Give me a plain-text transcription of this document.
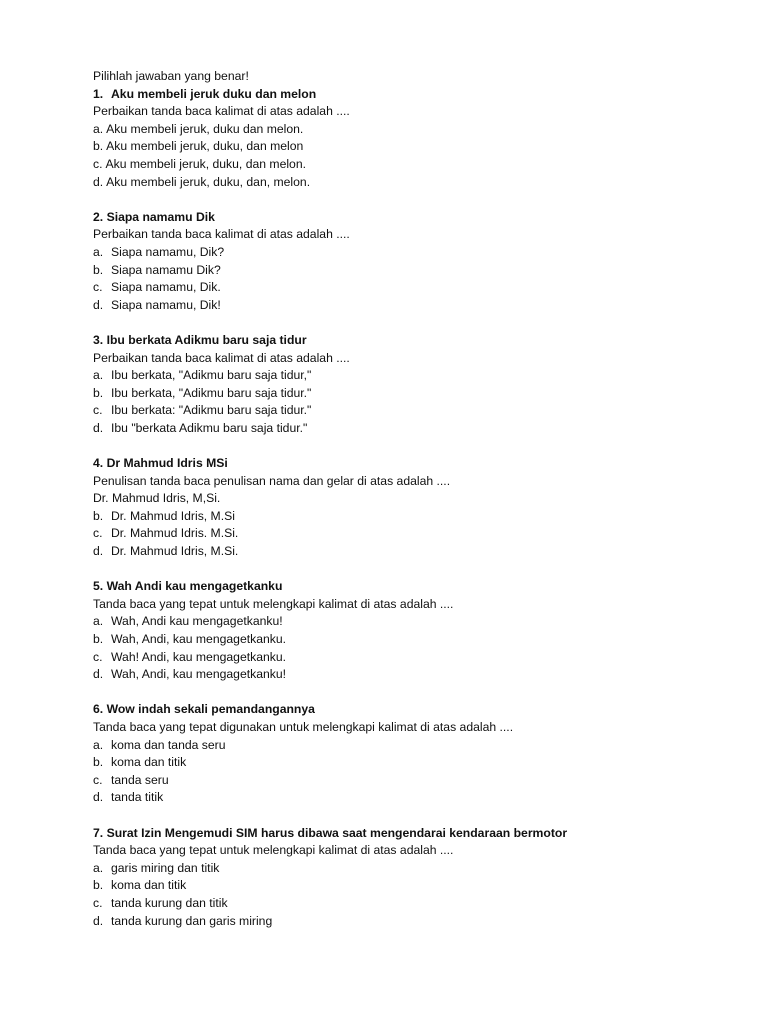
Pilihlah jawaban yang benar!
1. Aku membeli jeruk duku dan melon
Perbaikan tanda baca kalimat di atas adalah ....
a. Aku membeli jeruk, duku dan melon.
b. Aku membeli jeruk, duku, dan melon
c. Aku membeli jeruk, duku, dan melon.
d. Aku membeli jeruk, duku, dan, melon.
2. Siapa namamu Dik
Perbaikan tanda baca kalimat di atas adalah ....
a. Siapa namamu, Dik?
b. Siapa namamu Dik?
c. Siapa namamu, Dik.
d. Siapa namamu, Dik!
3. Ibu berkata Adikmu baru saja tidur
Perbaikan tanda baca kalimat di atas adalah ....
a. Ibu berkata, "Adikmu baru saja tidur,"
b. Ibu berkata, "Adikmu baru saja tidur."
c. Ibu berkata: "Adikmu baru saja tidur."
d. Ibu "berkata Adikmu baru saja tidur."
4. Dr Mahmud Idris MSi
Penulisan tanda baca penulisan nama dan gelar di atas adalah ....
Dr. Mahmud Idris, M,Si.
b. Dr. Mahmud Idris, M.Si
c. Dr. Mahmud Idris. M.Si.
d. Dr. Mahmud Idris, M.Si.
5. Wah Andi kau mengagetkanku
Tanda baca yang tepat untuk melengkapi kalimat di atas adalah ....
a. Wah, Andi kau mengagetkanku!
b. Wah, Andi, kau mengagetkanku.
c. Wah! Andi, kau mengagetkanku.
d. Wah, Andi, kau mengagetkanku!
6. Wow indah sekali pemandangannya
Tanda baca yang tepat digunakan untuk melengkapi kalimat di atas adalah ....
a. koma dan tanda seru
b. koma dan titik
c. tanda seru
d. tanda titik
7. Surat Izin Mengemudi SIM harus dibawa saat mengendarai kendaraan bermotor
Tanda baca yang tepat untuk melengkapi kalimat di atas adalah ....
a. garis miring dan titik
b. koma dan titik
c. tanda kurung dan titik
d. tanda kurung dan garis miring
